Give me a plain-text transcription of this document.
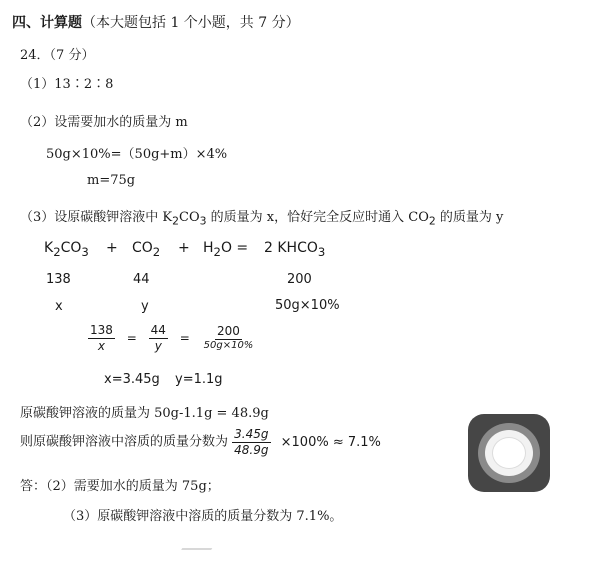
四、计算题（本大题包括 1 个小题，共 7 分）
24．（7 分）
（1）13∶2∶8
（2）设需要加水的质量为 m
50g×10%=（50g+m）×4%
m=75g
（3）设原碳酸钾溶液中 $K_2CO_3$ 的质量为 x，恰好完全反应时通入 $CO_2$ 的质量为 y
$K_2CO_3 + CO_2 + H_2O = 2$ $KHCO_3$
138	44	200
x	y	50g×10%
$\frac{138}{x} = \frac{44}{y} = \frac{200}{50g\times 10\%}$
x=3.45g y=1.1g
原碳酸钾溶液的质量为 50g-1.1g = 48.9g
则原碳酸钾溶液中溶质的质量分数为 $\frac{3.45g}{48.9g} \times 100\% \approx 7.1\%$
答：（2）需要加水的质量为 75g；
（3）原碳酸钾溶液中溶质的质量分数为 7.1%。
